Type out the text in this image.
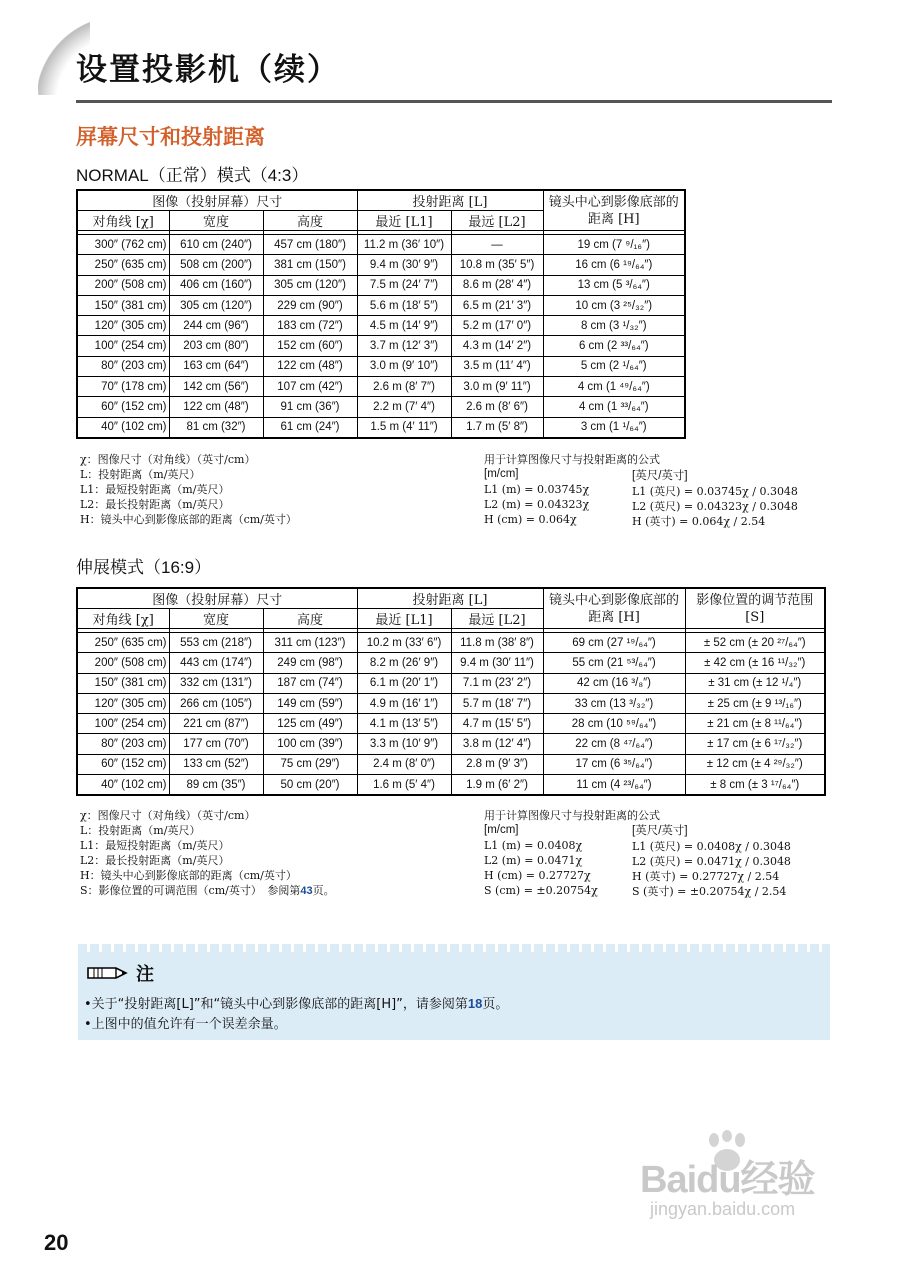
设置投影机（续）
屏幕尺寸和投射距离
NORMAL（正常）模式（4:3）
图像（投射屏幕）尺寸			投射距离 [L]		镜头中心到影像底部的距离 [H]
对角线 [χ]	宽度	高度	最近 [L1]	最远 [L2]	

300″ (762 cm)	610 cm (240″)	457 cm (180″)	11.2 m (36′ 10″)	—	19 cm (7 ⁹/₁₆″)
250″ (635 cm)	508 cm (200″)	381 cm (150″)	9.4 m (30′ 9″)	10.8 m (35′ 5″)	16 cm (6 ¹⁹/₆₄″)
200″ (508 cm)	406 cm (160″)	305 cm (120″)	7.5 m (24′ 7″)	8.6 m (28′ 4″)	13 cm (5 ³/₆₄″)
150″ (381 cm)	305 cm (120″)	229 cm (90″)	5.6 m (18′ 5″)	6.5 m (21′ 3″)	10 cm (3 ²⁵/₃₂″)
120″ (305 cm)	244 cm (96″)	183 cm (72″)	4.5 m (14′ 9″)	5.2 m (17′ 0″)	8 cm (3 ¹/₃₂″)
100″ (254 cm)	203 cm (80″)	152 cm (60″)	3.7 m (12′ 3″)	4.3 m (14′ 2″)	6 cm (2 ³³/₆₄″)
80″ (203 cm)	163 cm (64″)	122 cm (48″)	3.0 m (9′ 10″)	3.5 m (11′ 4″)	5 cm (2 ¹/₆₄″)
70″ (178 cm)	142 cm (56″)	107 cm (42″)	2.6 m (8′ 7″)	3.0 m (9′ 11″)	4 cm (1 ⁴⁹/₆₄″)
60″ (152 cm)	122 cm (48″)	91 cm (36″)	2.2 m (7′ 4″)	2.6 m (8′ 6″)	4 cm (1 ³³/₆₄″)
40″ (102 cm)	81 cm (32″)	61 cm (24″)	1.5 m (4′ 11″)	1.7 m (5′ 8″)	3 cm (1 ¹/₆₄″)
χ：图像尺寸（对角线）（英寸/cm）
L：投射距离（m/英尺）
L1：最短投射距离（m/英尺）
L2：最长投射距离（m/英尺）
H：镜头中心到影像底部的距离（cm/英寸）
用于计算图像尺寸与投射距离的公式
[m/cm]
L1 (m) = 0.03745χ
L2 (m) = 0.04323χ
H (cm) = 0.064χ
[英尺/英寸]
L1 (英尺) = 0.03745χ / 0.3048
L2 (英尺) = 0.04323χ / 0.3048
H (英寸) = 0.064χ / 2.54
伸展模式（16:9）
图像（投射屏幕）尺寸			投射距离 [L]		镜头中心到影像底部的距离 [H]	影像位置的调节范围 [S]
对角线 [χ]	宽度	高度	最近 [L1]	最远 [L2]		

250″ (635 cm)	553 cm (218″)	311 cm (123″)	10.2 m (33′ 6″)	11.8 m (38′ 8″)	69 cm (27 ¹⁹/₆₄″)	± 52 cm (± 20 ²⁷/₆₄″)
200″ (508 cm)	443 cm (174″)	249 cm (98″)	8.2 m (26′ 9″)	9.4 m (30′ 11″)	55 cm (21 ⁵³/₆₄″)	± 42 cm (± 16 ¹¹/₃₂″)
150″ (381 cm)	332 cm (131″)	187 cm (74″)	6.1 m (20′ 1″)	7.1 m (23′ 2″)	42 cm (16 ³/₈″)	± 31 cm (± 12 ¹/₄″)
120″ (305 cm)	266 cm (105″)	149 cm (59″)	4.9 m (16′ 1″)	5.7 m (18′ 7″)	33 cm (13 ³/₃₂″)	± 25 cm (± 9 ¹³/₁₆″)
100″ (254 cm)	221 cm (87″)	125 cm (49″)	4.1 m (13′ 5″)	4.7 m (15′ 5″)	28 cm (10 ⁵⁹/₆₄″)	± 21 cm (± 8 ¹¹/₆₄″)
80″ (203 cm)	177 cm (70″)	100 cm (39″)	3.3 m (10′ 9″)	3.8 m (12′ 4″)	22 cm (8 ⁴⁷/₆₄″)	± 17 cm (± 6 ¹⁷/₃₂″)
60″ (152 cm)	133 cm (52″)	75 cm (29″)	2.4 m (8′ 0″)	2.8 m (9′ 3″)	17 cm (6 ³⁵/₆₄″)	± 12 cm (± 4 ²⁹/₃₂″)
40″ (102 cm)	89 cm (35″)	50 cm (20″)	1.6 m (5′ 4″)	1.9 m (6′ 2″)	11 cm (4 ²³/₆₄″)	± 8 cm (± 3 ¹⁷/₆₄″)
χ：图像尺寸（对角线）（英寸/cm）
L：投射距离（m/英尺）
L1：最短投射距离（m/英尺）
L2：最长投射距离（m/英尺）
H：镜头中心到影像底部的距离（cm/英寸）
S：影像位置的可调范围（cm/英寸）　参阅第43页。
用于计算图像尺寸与投射距离的公式
[m/cm]
L1 (m) = 0.0408χ
L2 (m) = 0.0471χ
H (cm) = 0.27727χ
S (cm) = ±0.20754χ
[英尺/英寸]
L1 (英尺) = 0.0408χ / 0.3048
L2 (英尺) = 0.0471χ / 0.3048
H (英寸) = 0.27727χ / 2.54
S (英寸) = ±0.20754χ / 2.54
注
•关于“投射距离[L]”和“镜头中心到影像底部的距离[H]”，请参阅第18页。
•上图中的值允许有一个误差余量。
20
Baidu经验
jingyan.baidu.com
